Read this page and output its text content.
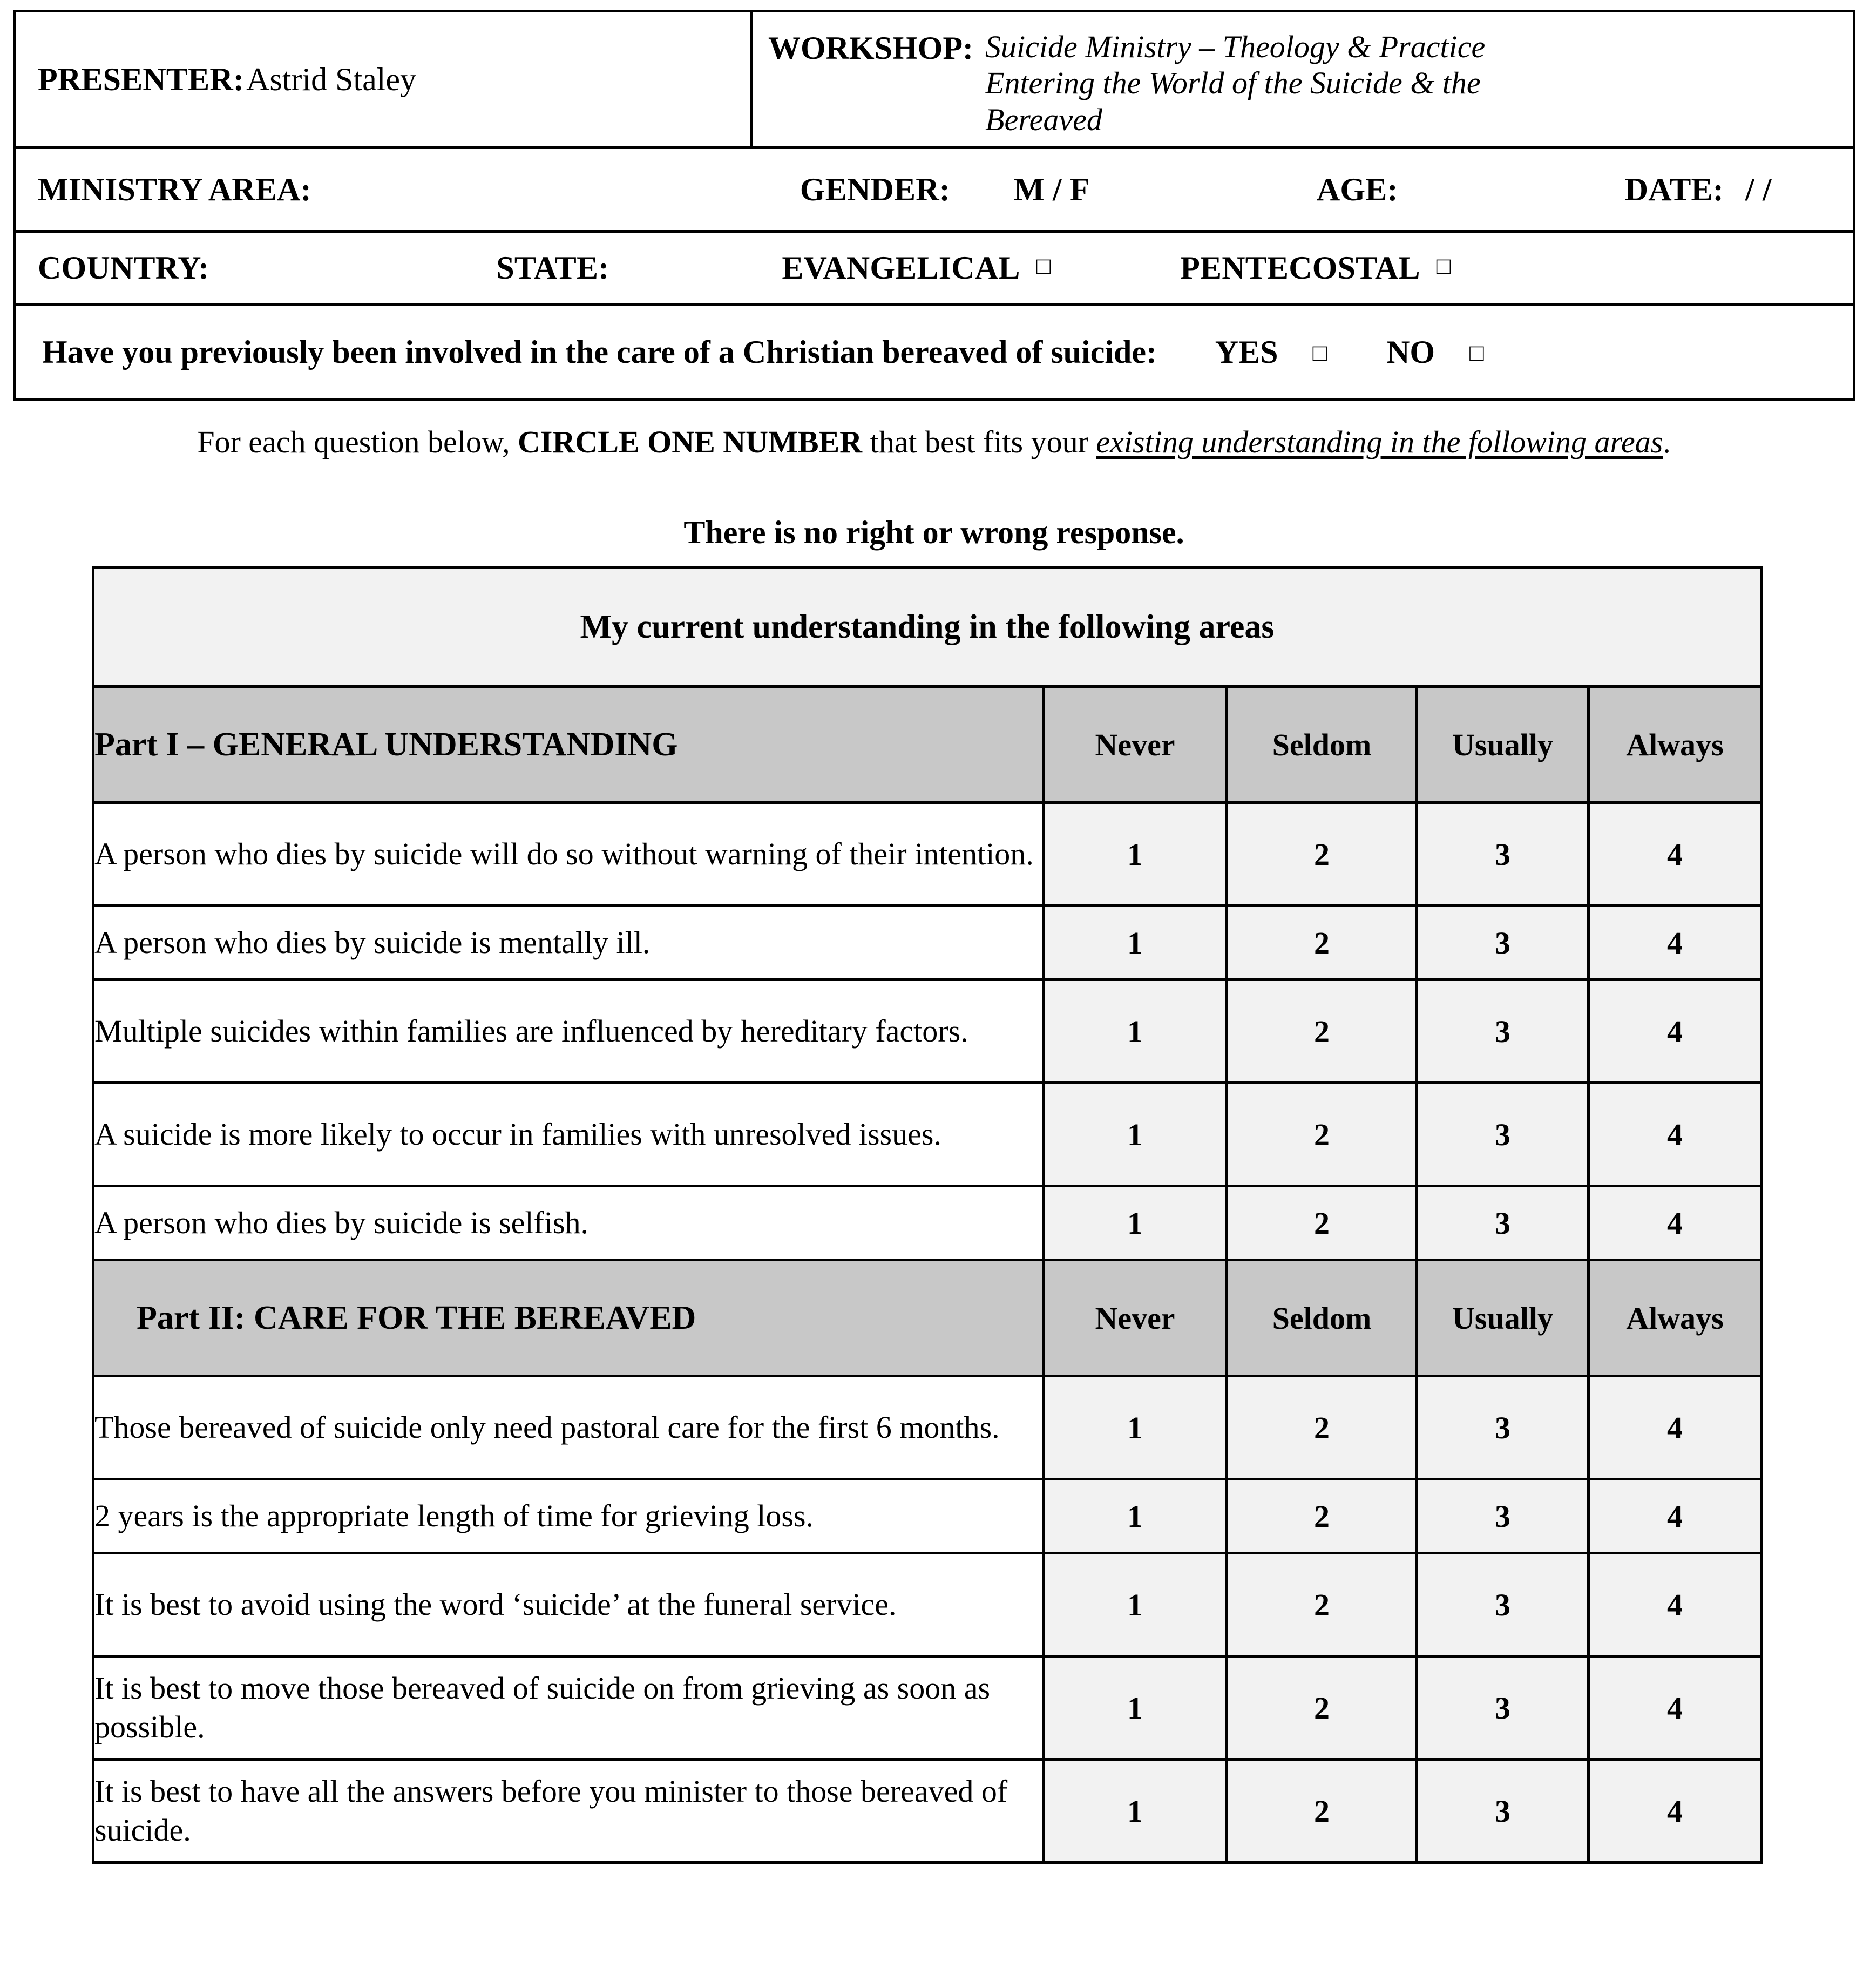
PRESENTER: Astrid Staley

WORKSHOP: Suicide Ministry – Theology & Practice
Entering the World of the Suicide & the
Bereaved

MINISTRY AREA:	GENDER: M / F	AGE:	DATE: / /

COUNTRY:	STATE:	EVANGELICAL □	PENTECOSTAL □

Have you previously been involved in the care of a Christian bereaved of suicide: YES □ NO □
For each question below, CIRCLE ONE NUMBER that best fits your existing understanding in the following areas.
There is no right or wrong response.
My current understanding in the following areas				
Part I – GENERAL UNDERSTANDING	Never	Seldom	Usually	Always
A person who dies by suicide will do so without warning of their intention.	1	2	3	4
A person who dies by suicide is mentally ill.	1	2	3	4
Multiple suicides within families are influenced by hereditary factors.	1	2	3	4
A suicide is more likely to occur in families with unresolved issues.	1	2	3	4
A person who dies by suicide is selfish.	1	2	3	4
Part II: CARE FOR THE BEREAVED	Never	Seldom	Usually	Always
Those bereaved of suicide only need pastoral care for the first 6 months.	1	2	3	4
2 years is the appropriate length of time for grieving loss.	1	2	3	4
It is best to avoid using the word ‘suicide’ at the funeral service.	1	2	3	4
It is best to move those bereaved of suicide on from grieving as soon as possible.	1	2	3	4
It is best to have all the answers before you minister to those bereaved of suicide.	1	2	3	4
